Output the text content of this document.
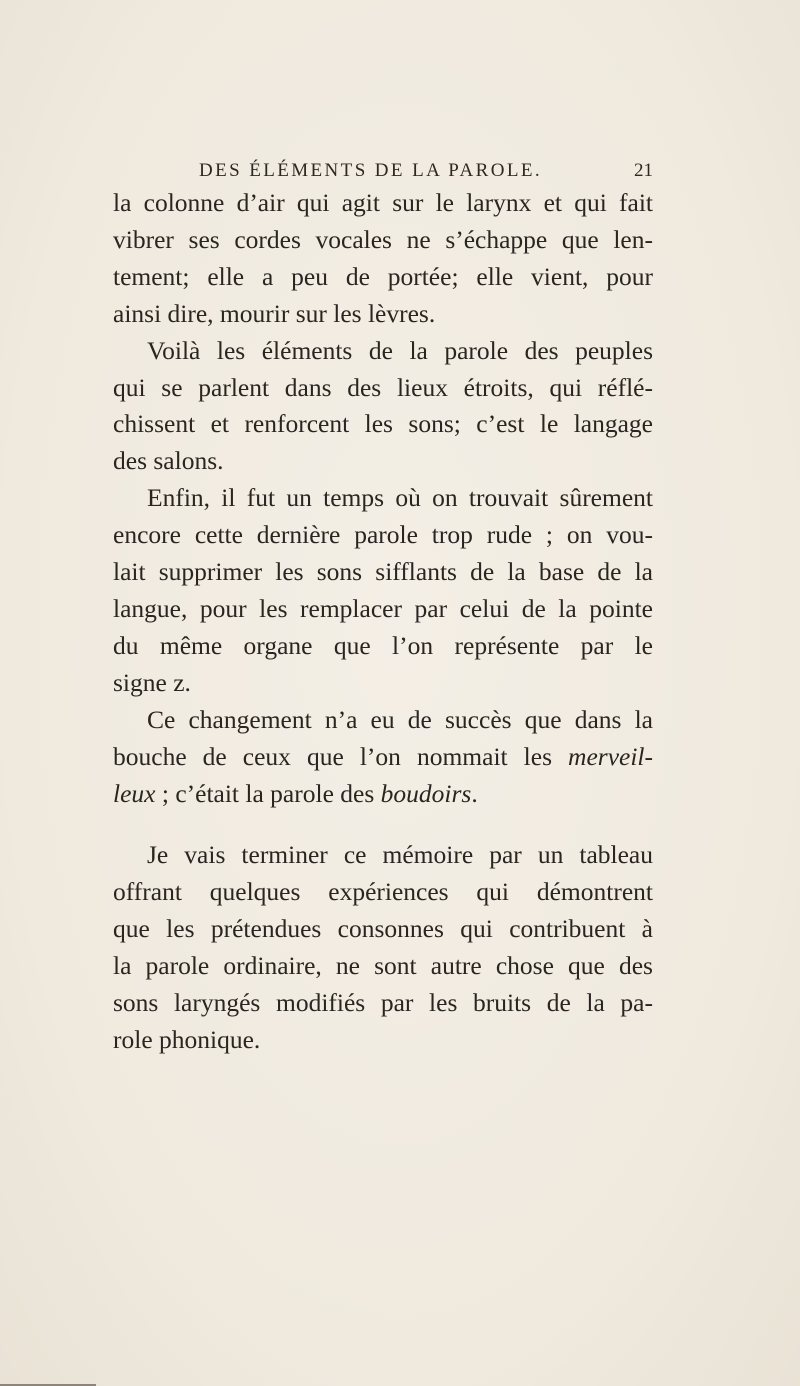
DES ÉLÉMENTS DE LA PAROLE.	21

la colonne d’air qui agit sur le larynx et qui fait
vibrer ses cordes vocales ne s’échappe que len-
tement; elle a peu de portée; elle vient, pour
ainsi dire, mourir sur les lèvres.

Voilà les éléments de la parole des peuples
qui se parlent dans des lieux étroits, qui réflé-
chissent et renforcent les sons; c’est le langage
des salons.

Enfin, il fut un temps où on trouvait sûrement
encore cette dernière parole trop rude ; on vou-
lait supprimer les sons sifflants de la base de la
langue, pour les remplacer par celui de la pointe
du même organe que l’on représente par le
signe z.

Ce changement n’a eu de succès que dans la
bouche de ceux que l’on nommait les merveil-
leux ; c’était la parole des boudoirs.

Je vais terminer ce mémoire par un tableau
offrant quelques expériences qui démontrent
que les prétendues consonnes qui contribuent à
la parole ordinaire, ne sont autre chose que des
sons laryngés modifiés par les bruits de la pa-
role phonique.
